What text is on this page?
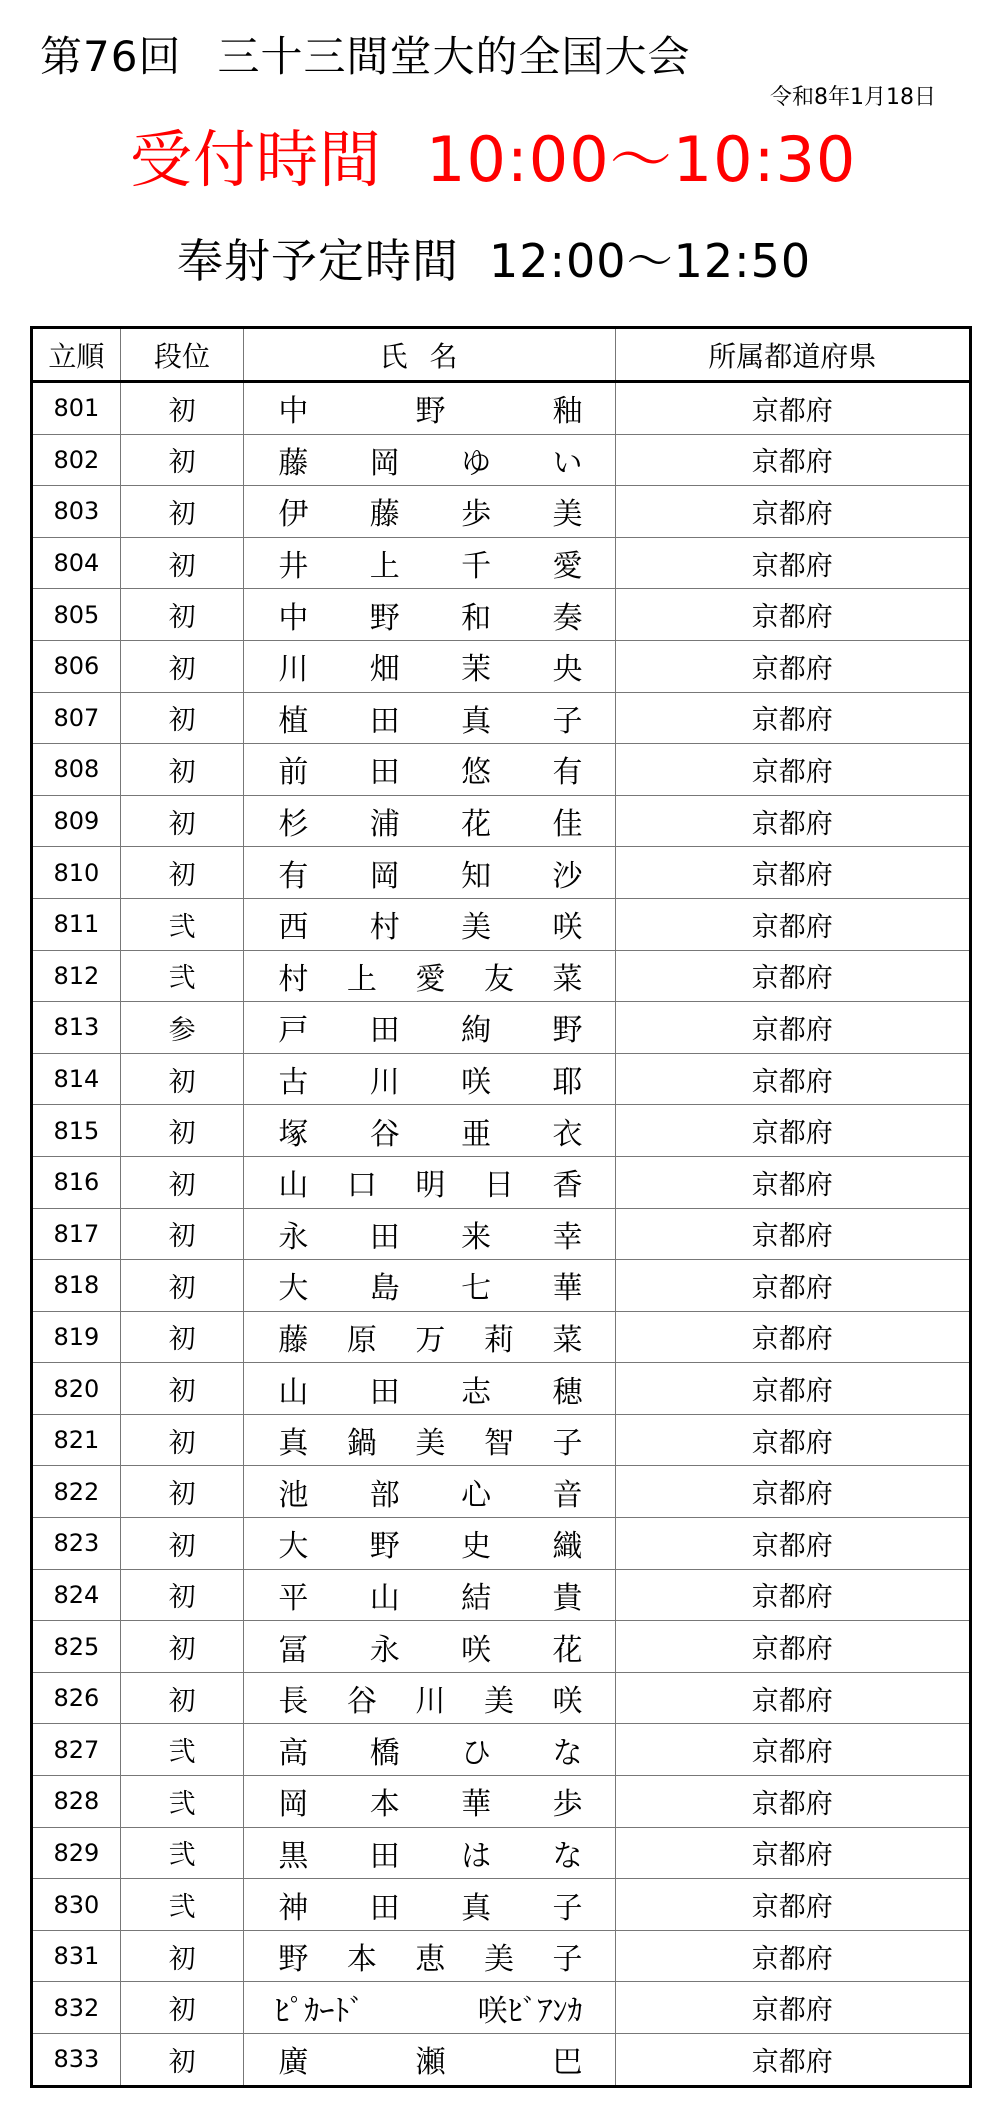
第76回 三十三間堂大的全国大会
令和8年1月18日
受付時間 10:00〜10:30
奉射予定時間 12:00〜12:50
立順	段位	氏名	所属都道府県
801	初	中 野 釉	京都府
802	初	藤 岡 ゆ い	京都府
803	初	伊 藤 歩 美	京都府
804	初	井 上 千 愛	京都府
805	初	中 野 和 奏	京都府
806	初	川 畑 茉 央	京都府
807	初	植 田 真 子	京都府
808	初	前 田 悠 有	京都府
809	初	杉 浦 花 佳	京都府
810	初	有 岡 知 沙	京都府
811	弐	西 村 美 咲	京都府
812	弐	村 上 愛 友 菜	京都府
813	参	戸 田 絢 野	京都府
814	初	古 川 咲 耶	京都府
815	初	塚 谷 亜 衣	京都府
816	初	山 口 明 日 香	京都府
817	初	永 田 来 幸	京都府
818	初	大 島 七 華	京都府
819	初	藤 原 万 莉 菜	京都府
820	初	山 田 志 穂	京都府
821	初	真 鍋 美 智 子	京都府
822	初	池 部 心 音	京都府
823	初	大 野 史 織	京都府
824	初	平 山 結 貴	京都府
825	初	冨 永 咲 花	京都府
826	初	長 谷 川 美 咲	京都府
827	弐	高 橋 ひ な	京都府
828	弐	岡 本 華 歩	京都府
829	弐	黒 田 は な	京都府
830	弐	神 田 真 子	京都府
831	初	野 本 恵 美 子	京都府
832	初	ﾋﾟｶｰﾄﾞ 咲ﾋﾞｱﾝｶ	京都府
833	初	廣 瀬 巴	京都府
